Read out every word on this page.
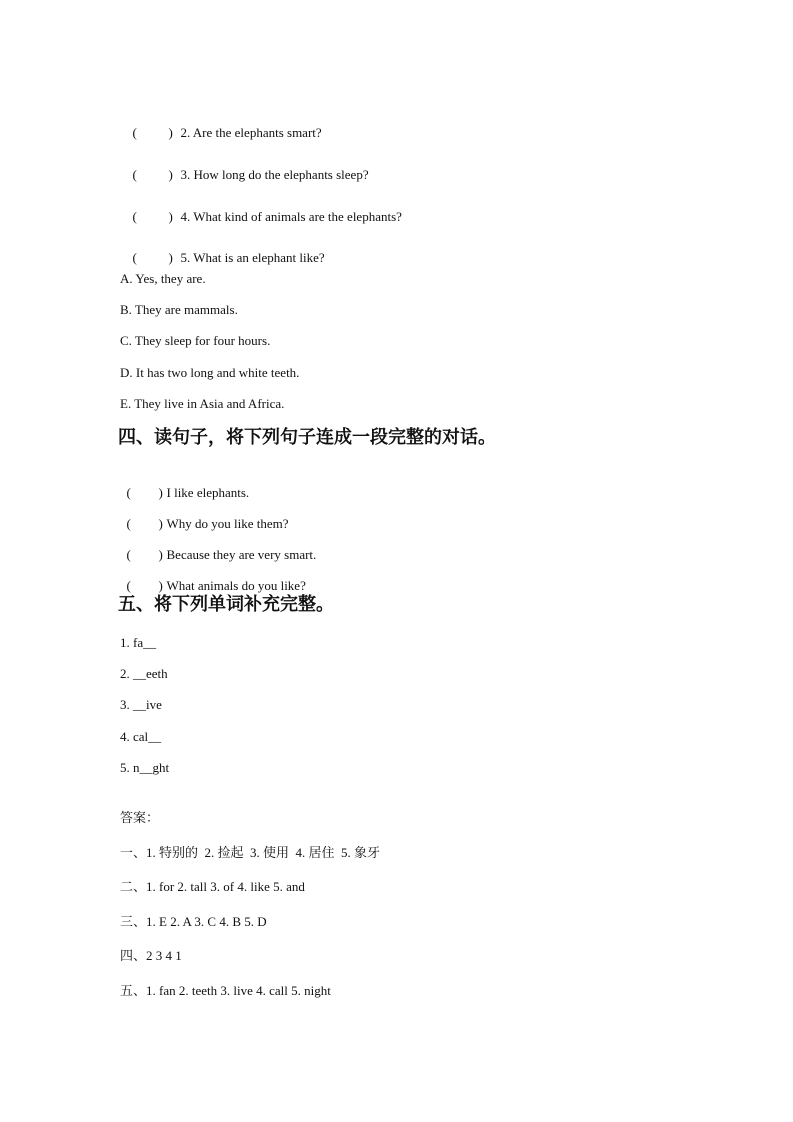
( ) 2. Are the elephants smart?

( ) 3. How long do the elephants sleep?

( ) 4. What kind of animals are the elephants?

( ) 5. What is an elephant like?

A. Yes, they are.
B. They are mammals.
C. They sleep for four hours.
D. It has two long and white teeth.
E. They live in Asia and Africa.
四、读句子，将下列句子连成一段完整的对话。

( ) I like elephants.

( ) Why do you like them?

( ) Because they are very smart.

( ) What animals do you like?

五、将下列单词补充完整。
1. fa__
2. __eeth
3. __ive
4. cal__
5. n__ght
答案：
一、1. 特别的  2. 捡起  3. 使用  4. 居住  5. 象牙
二、1. for 2. tall 3. of 4. like 5. and
三、1. E 2. A 3. C 4. B 5. D
四、2 3 4 1
五、1. fan 2. teeth 3. live 4. call 5. night
